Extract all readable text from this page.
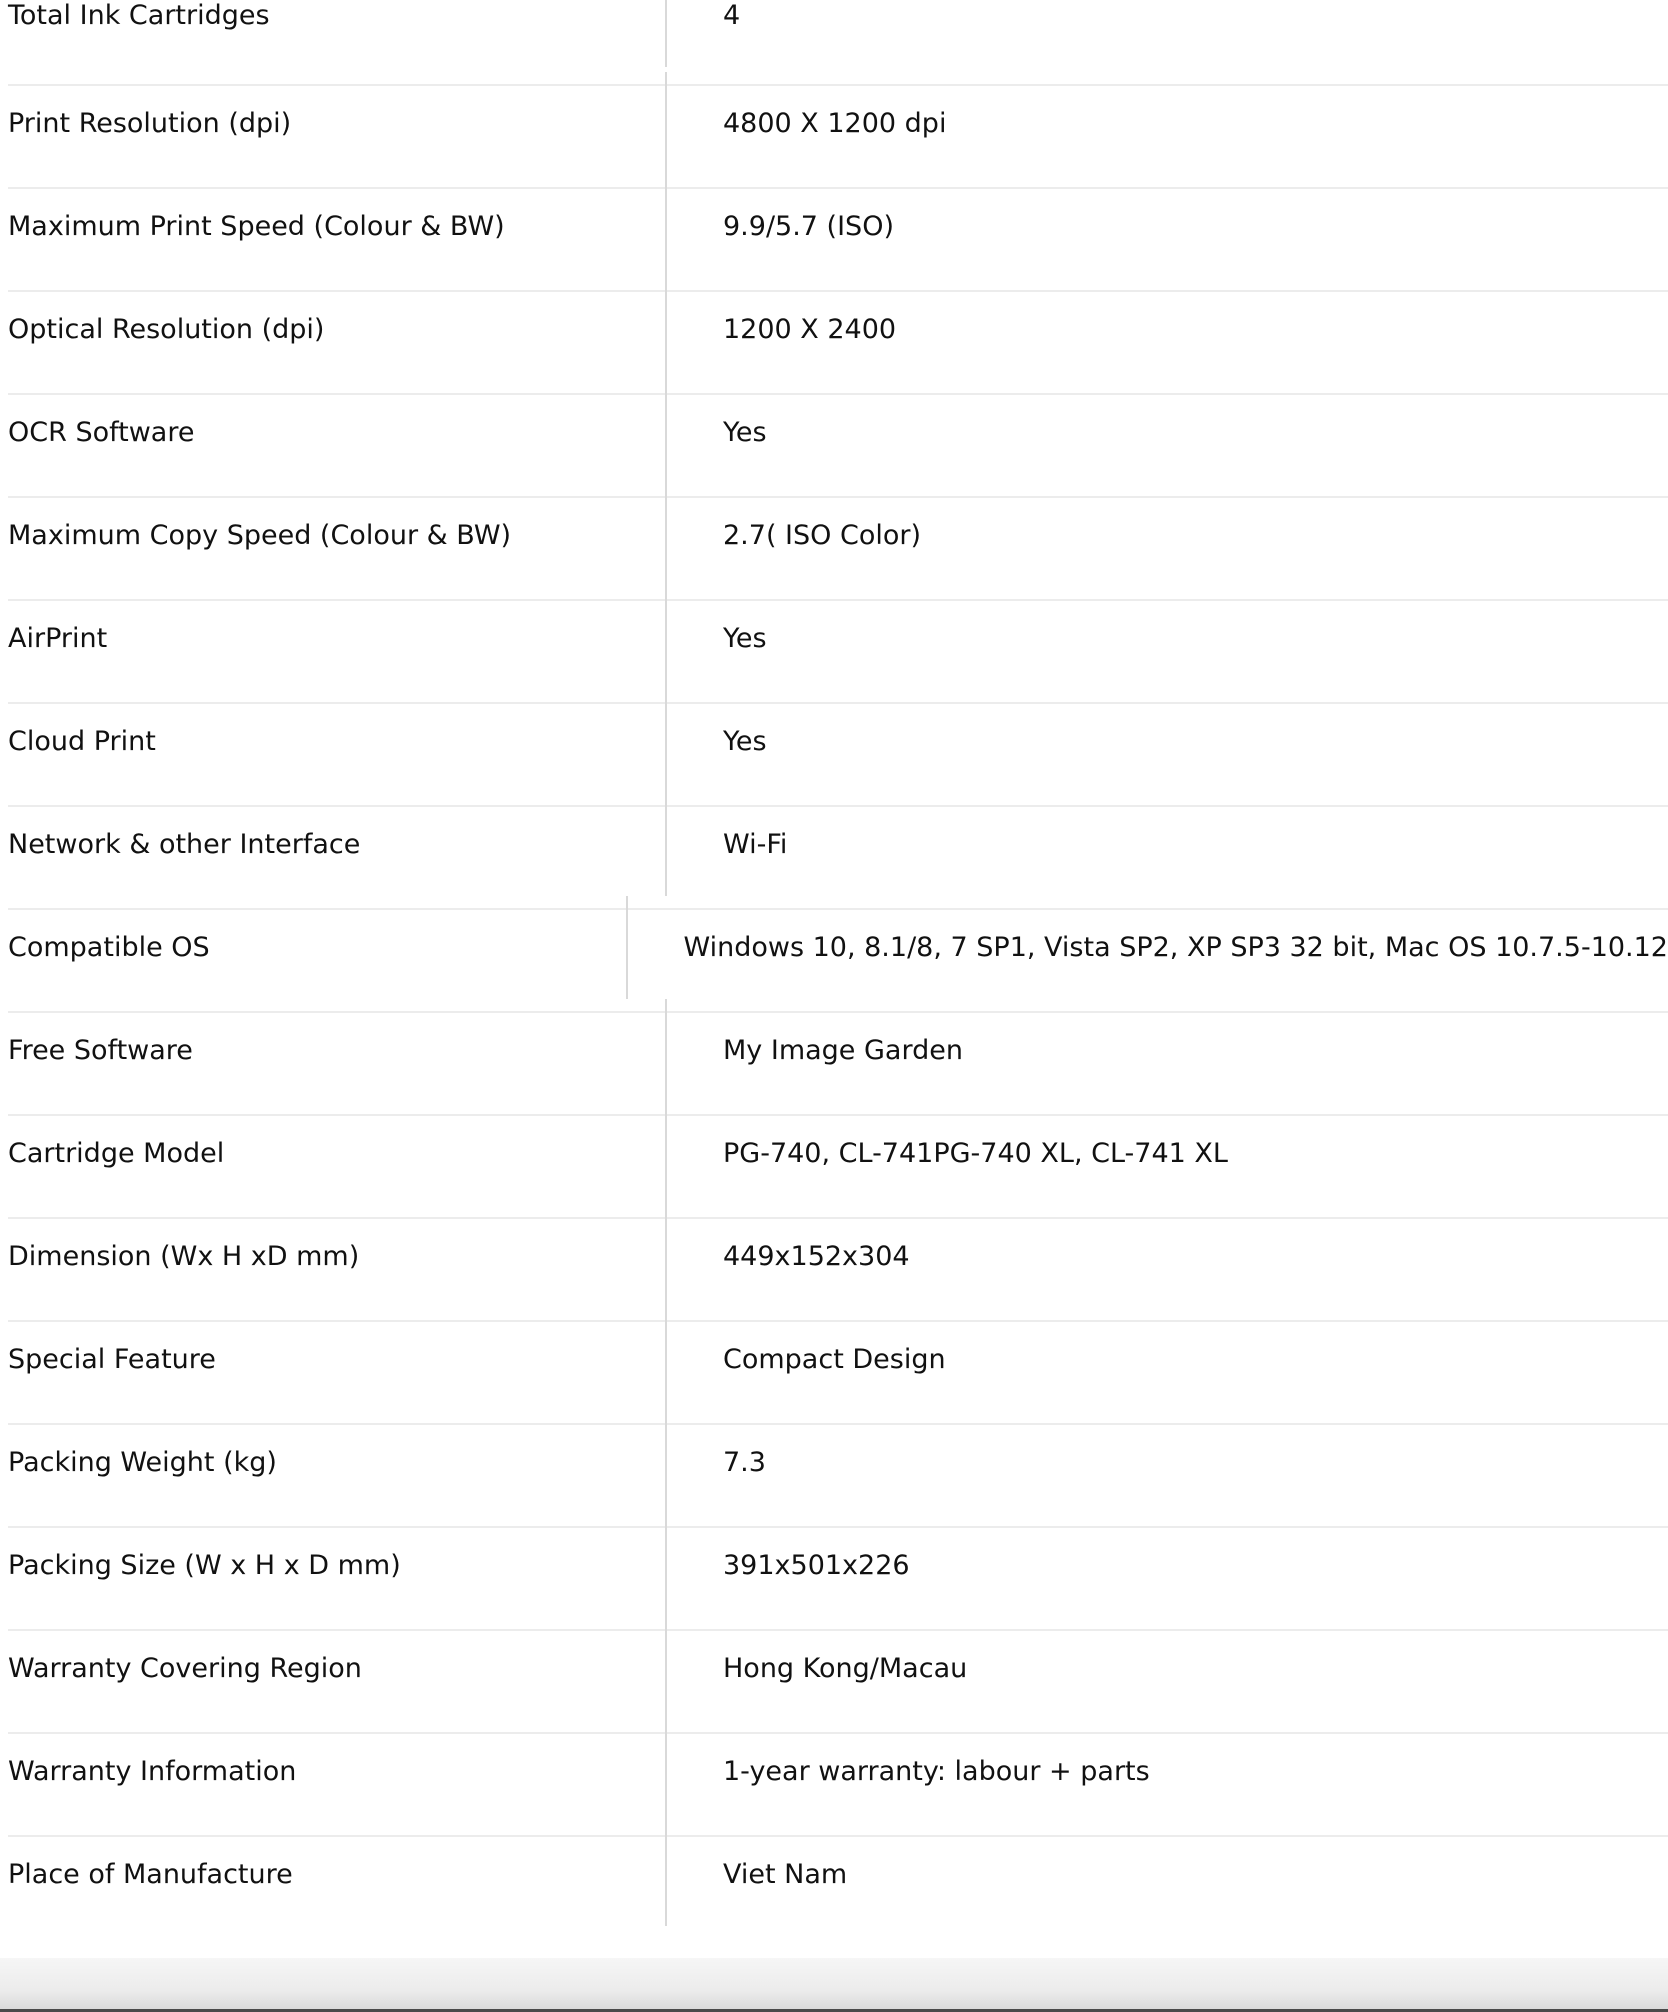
Total Ink Cartridges	4
Print Resolution (dpi)	4800 X 1200 dpi
Maximum Print Speed (Colour & BW)	9.9/5.7 (ISO)
Optical Resolution (dpi)	1200 X 2400
OCR Software	Yes
Maximum Copy Speed (Colour & BW)	2.7( ISO Color)
AirPrint	Yes
Cloud Print	Yes
Network & other Interface	Wi-Fi
Compatible OS	Windows 10, 8.1/8, 7 SP1, Vista SP2, XP SP3 32 bit, Mac OS 10.7.5-10.12
Free Software	My Image Garden
Cartridge Model	PG-740, CL-741PG-740 XL, CL-741 XL
Dimension (Wx H xD mm)	449x152x304
Special Feature	Compact Design
Packing Weight (kg)	7.3
Packing Size (W x H x D mm)	391x501x226
Warranty Covering Region	Hong Kong/Macau
Warranty Information	1-year warranty: labour + parts
Place of Manufacture	Viet Nam
